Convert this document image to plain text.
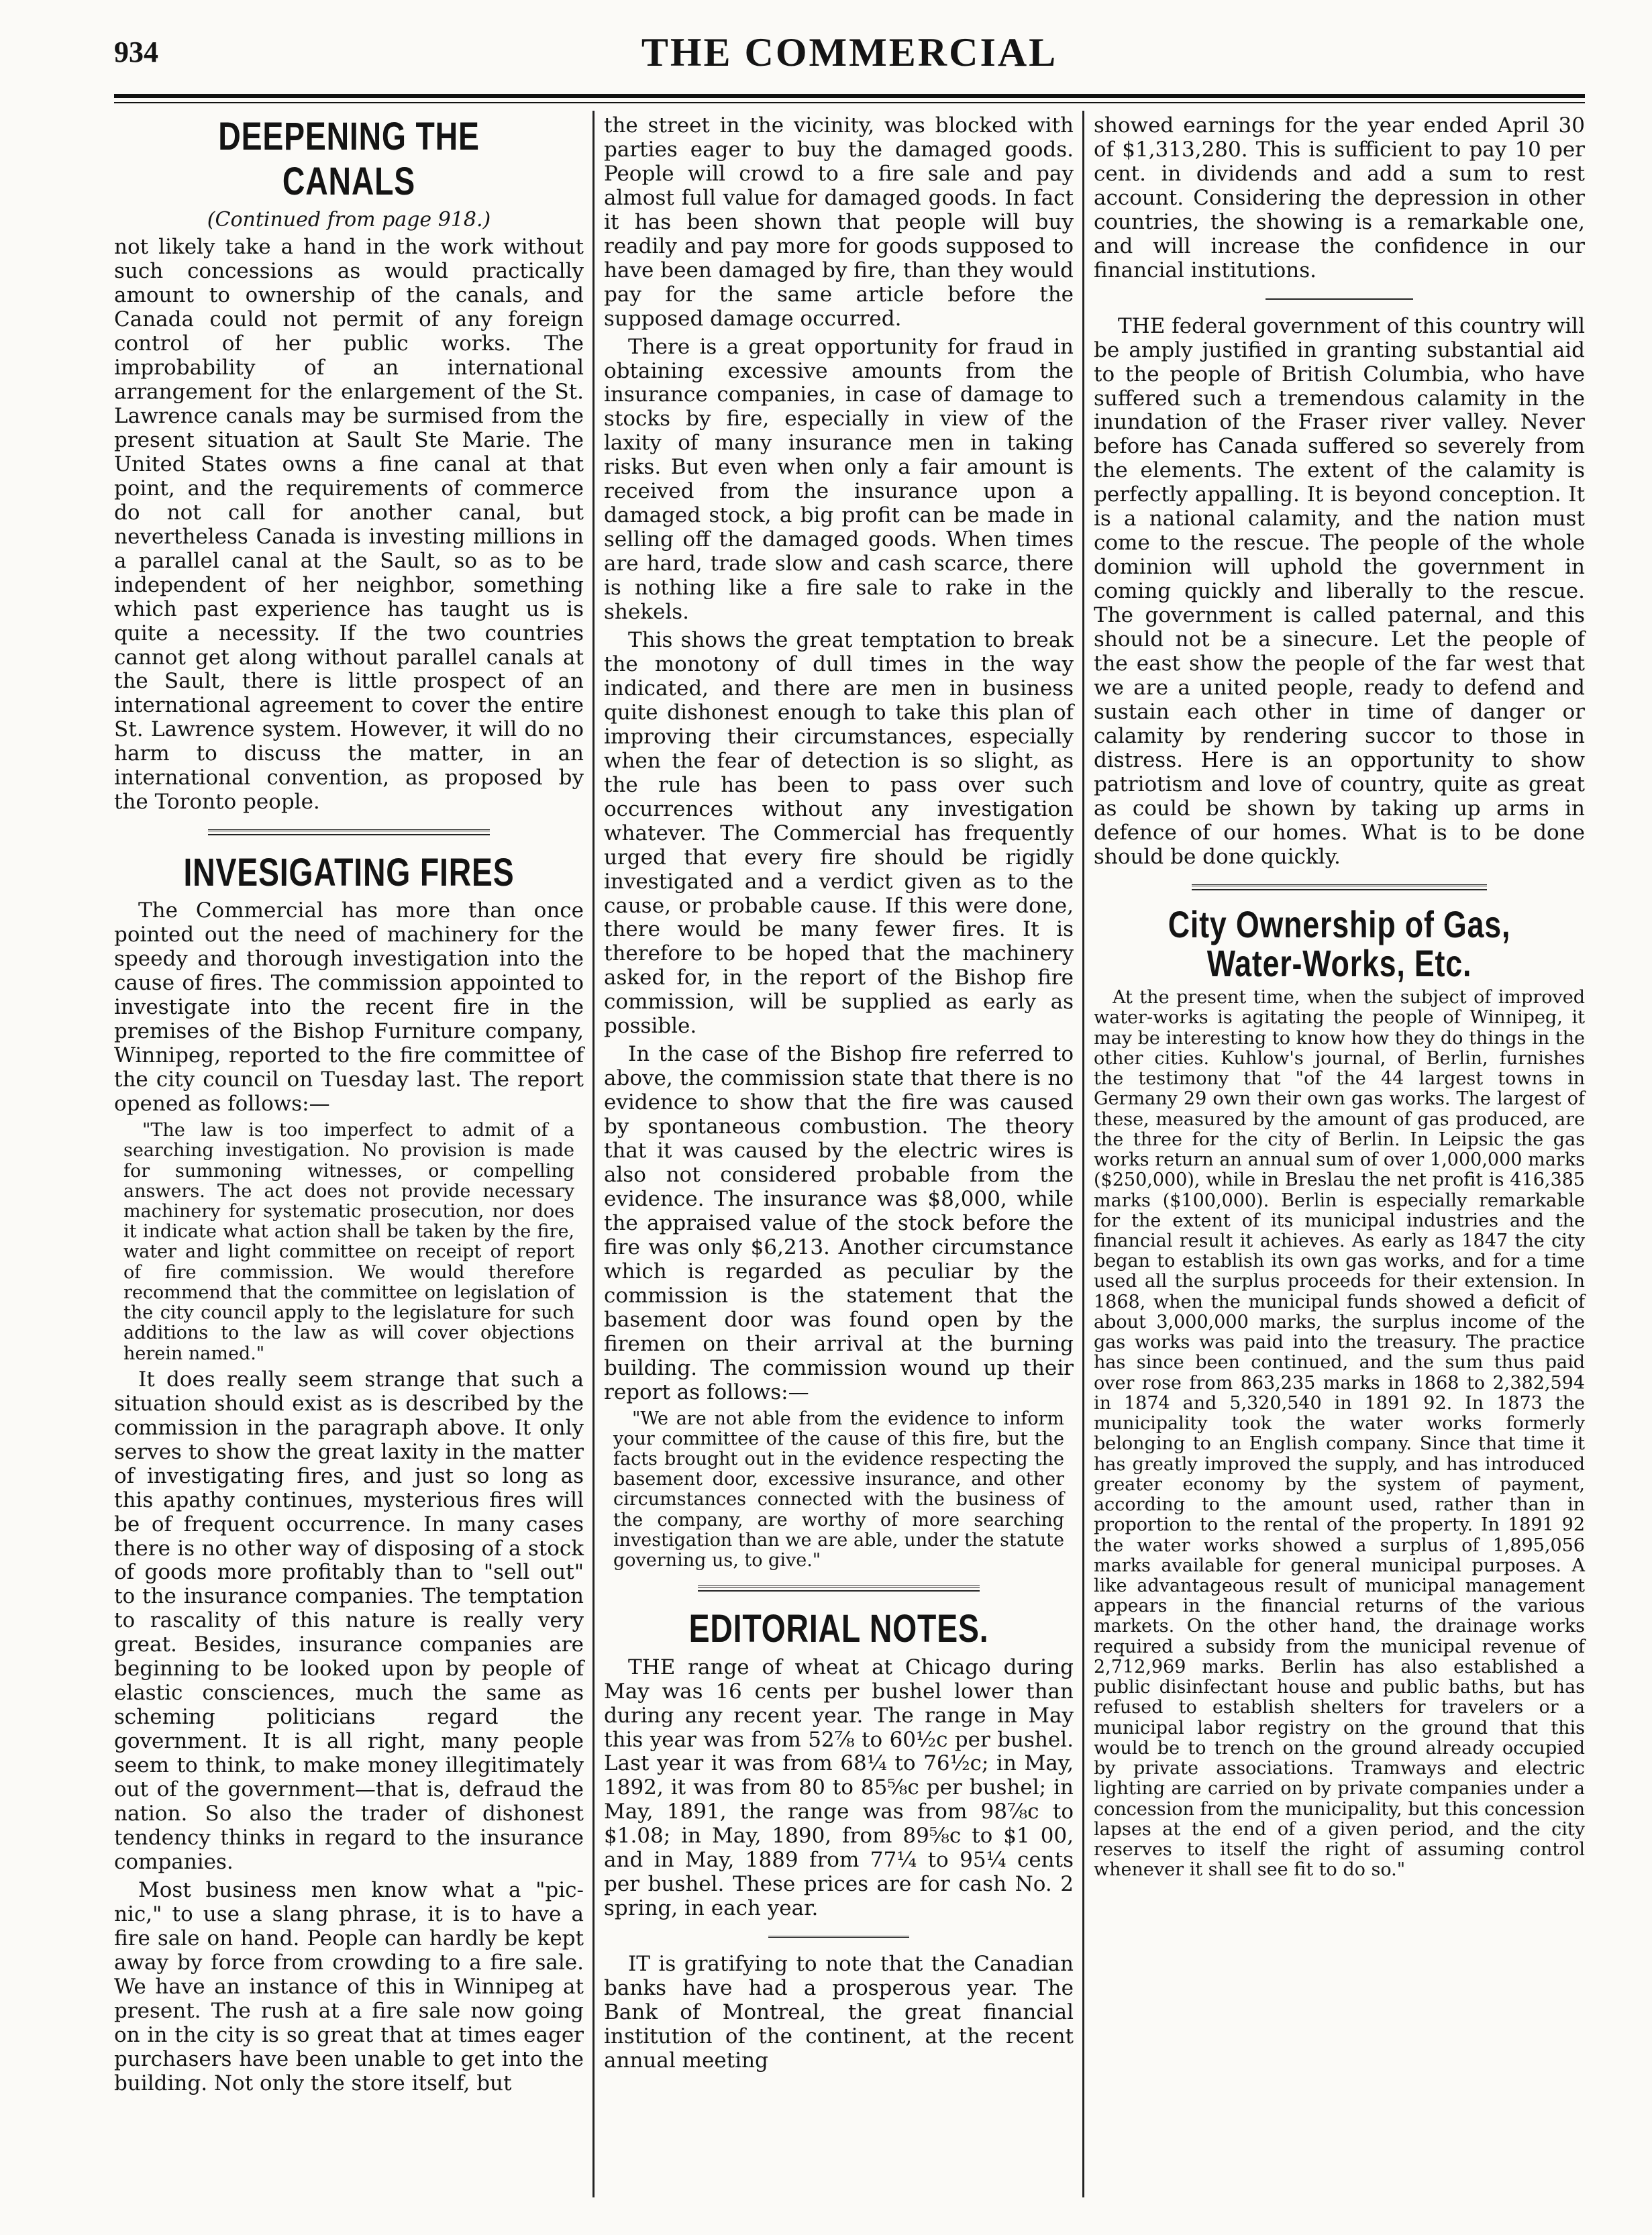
934	THE COMMERCIAL
DEEPENING THE CANALS
(Continued from page 918.)

not likely take a hand in the work without such concessions as would practically amount to ownership of the canals, and Canada could not permit of any foreign control of her public works. The improbability of an international arrangement for the enlargement of the St. Lawrence canals may be surmised from the present situation at Sault Ste Marie. The United States owns a fine canal at that point, and the requirements of commerce do not call for another canal, but nevertheless Canada is investing millions in a parallel canal at the Sault, so as to be independent of her neighbor, something which past experience has taught us is quite a necessity. If the two countries cannot get along without parallel canals at the Sault, there is little prospect of an international agreement to cover the entire St. Lawrence system. However, it will do no harm to discuss the matter, in an international convention, as proposed by the Toronto people.

INVESIGATING FIRES

The Commercial has more than once pointed out the need of machinery for the speedy and thorough investigation into the cause of fires. The commission appointed to investigate into the recent fire in the premises of the Bishop Furniture company, Winnipeg, reported to the fire committee of the city council on Tuesday last. The report opened as follows:—

"The law is too imperfect to admit of a searching investigation. No provision is made for summoning witnesses, or compelling answers. The act does not provide necessary machinery for systematic prosecution, nor does it indicate what action shall be taken by the fire, water and light committee on receipt of report of fire commission. We would therefore recommend that the committee on legislation of the city council apply to the legislature for such additions to the law as will cover objections herein named."

It does really seem strange that such a situation should exist as is described by the commission in the paragraph above. It only serves to show the great laxity in the matter of investigating fires, and just so long as this apathy continues, mysterious fires will be of frequent occurrence. In many cases there is no other way of disposing of a stock of goods more profitably than to "sell out" to the insurance companies. The temptation to rascality of this nature is really very great. Besides, insurance companies are beginning to be looked upon by people of elastic consciences, much the same as scheming politicians regard the government. It is all right, many people seem to think, to make money illegitimately out of the government—that is, defraud the nation. So also the trader of dishonest tendency thinks in regard to the insurance companies.

Most business men know what a "pic-nic," to use a slang phrase, it is to have a fire sale on hand. People can hardly be kept away by force from crowding to a fire sale. We have an instance of this in Winnipeg at present. The rush at a fire sale now going on in the city is so great that at times eager purchasers have been unable to get into the building. Not only the store itself, but

the street in the vicinity, was blocked with parties eager to buy the damaged goods. People will crowd to a fire sale and pay almost full value for damaged goods. In fact it has been shown that people will buy readily and pay more for goods supposed to have been damaged by fire, than they would pay for the same article before the supposed damage occurred.

There is a great opportunity for fraud in obtaining excessive amounts from the insurance companies, in case of damage to stocks by fire, especially in view of the laxity of many insurance men in taking risks. But even when only a fair amount is received from the insurance upon a damaged stock, a big profit can be made in selling off the damaged goods. When times are hard, trade slow and cash scarce, there is nothing like a fire sale to rake in the shekels.

This shows the great temptation to break the monotony of dull times in the way indicated, and there are men in business quite dishonest enough to take this plan of improving their circumstances, especially when the fear of detection is so slight, as the rule has been to pass over such occurrences without any investigation whatever. The Commercial has frequently urged that every fire should be rigidly investigated and a verdict given as to the cause, or probable cause. If this were done, there would be many fewer fires. It is therefore to be hoped that the machinery asked for, in the report of the Bishop fire commission, will be supplied as early as possible.

In the case of the Bishop fire referred to above, the commission state that there is no evidence to show that the fire was caused by spontaneous combustion. The theory that it was caused by the electric wires is also not considered probable from the evidence. The insurance was $8,000, while the appraised value of the stock before the fire was only $6,213. Another circumstance which is regarded as peculiar by the commission is the statement that the basement door was found open by the firemen on their arrival at the burning building. The commission wound up their report as follows:—

"We are not able from the evidence to inform your committee of the cause of this fire, but the facts brought out in the evidence respecting the basement door, excessive insurance, and other circumstances connected with the business of the company, are worthy of more searching investigation than we are able, under the statute governing us, to give."

EDITORIAL NOTES.

THE range of wheat at Chicago during May was 16 cents per bushel lower than during any recent year. The range in May this year was from 52⅞ to 60½c per bushel. Last year it was from 68¼ to 76½c; in May, 1892, it was from 80 to 85⅝c per bushel; in May, 1891, the range was from 98⅞c to $1.08; in May, 1890, from 89⅝c to $1 00, and in May, 1889 from 77¼ to 95¼ cents per bushel. These prices are for cash No. 2 spring, in each year.

IT is gratifying to note that the Canadian banks have had a prosperous year. The Bank of Montreal, the great financial institution of the continent, at the recent annual meeting

showed earnings for the year ended April 30 of $1,313,280. This is sufficient to pay 10 per cent. in dividends and add a sum to rest account. Considering the depression in other countries, the showing is a remarkable one, and will increase the confidence in our financial institutions.

THE federal government of this country will be amply justified in granting substantial aid to the people of British Columbia, who have suffered such a tremendous calamity in the inundation of the Fraser river valley. Never before has Canada suffered so severely from the elements. The extent of the calamity is perfectly appalling. It is beyond conception. It is a national calamity, and the nation must come to the rescue. The people of the whole dominion will uphold the government in coming quickly and liberally to the rescue. The government is called paternal, and this should not be a sinecure. Let the people of the east show the people of the far west that we are a united people, ready to defend and sustain each other in time of danger or calamity by rendering succor to those in distress. Here is an opportunity to show patriotism and love of country, quite as great as could be shown by taking up arms in defence of our homes. What is to be done should be done quickly.

City Ownership of Gas, Water-Works, Etc.

At the present time, when the subject of improved water-works is agitating the people of Winnipeg, it may be interesting to know how they do things in the other cities. Kuhlow's journal, of Berlin, furnishes the testimony that "of the 44 largest towns in Germany 29 own their own gas works. The largest of these, measured by the amount of gas produced, are the three for the city of Berlin. In Leipsic the gas works return an annual sum of over 1,000,000 marks ($250,000), while in Breslau the net profit is 416,385 marks ($100,000). Berlin is especially remarkable for the extent of its municipal industries and the financial result it achieves. As early as 1847 the city began to establish its own gas works, and for a time used all the surplus proceeds for their extension. In 1868, when the municipal funds showed a deficit of about 3,000,000 marks, the surplus income of the gas works was paid into the treasury. The practice has since been continued, and the sum thus paid over rose from 863,235 marks in 1868 to 2,382,594 in 1874 and 5,320,540 in 1891 92. In 1873 the municipality took the water works formerly belonging to an English company. Since that time it has greatly improved the supply, and has introduced greater economy by the system of payment, according to the amount used, rather than in proportion to the rental of the property. In 1891 92 the water works showed a surplus of 1,895,056 marks available for general municipal purposes. A like advantageous result of municipal management appears in the financial returns of the various markets. On the other hand, the drainage works required a subsidy from the municipal revenue of 2,712,969 marks. Berlin has also established a public disinfectant house and public baths, but has refused to establish shelters for travelers or a municipal labor registry on the ground that this would be to trench on the ground already occupied by private associations. Tramways and electric lighting are carried on by private companies under a concession from the municipality, but this concession lapses at the end of a given period, and the city reserves to itself the right of assuming control whenever it shall see fit to do so."
